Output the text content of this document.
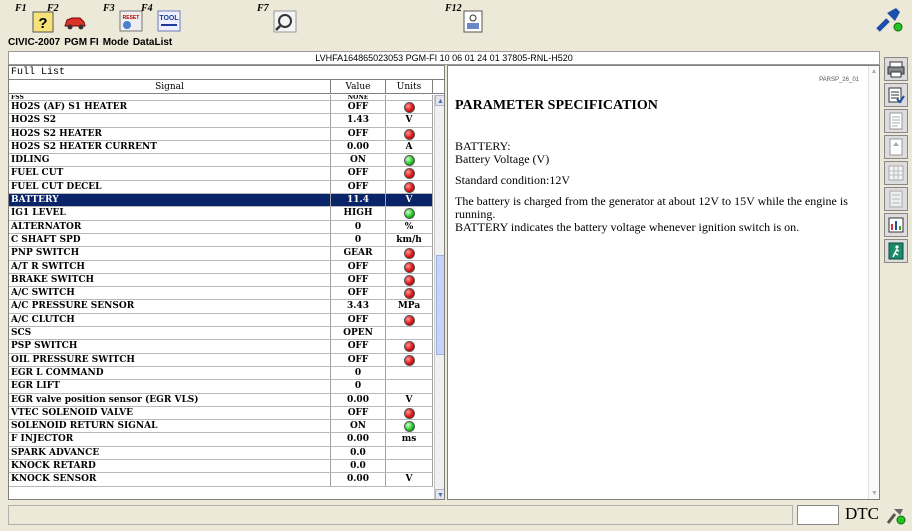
F1
?
F2	F3
RESET
F4
TOOL
F7	F12
CIVIC-2007 PGM FI Mode DataList
LVHFA164865023053 PGM-FI 10 06 01 24 01 37805-RNL-H520
Full List
Signal	Value	Units
FSS	NONE
HO2S (AF) S1 HEATER	OFF
HO2S S2	1.43	V
HO2S S2 HEATER	OFF
HO2S S2 HEATER CURRENT	0.00	A
IDLING	ON
FUEL CUT	OFF
FUEL CUT DECEL	OFF
BATTERY	11.4	V
IG1 LEVEL	HIGH
ALTERNATOR	0	%
C SHAFT SPD	0	km/h
PNP SWITCH	GEAR
A/T R SWITCH	OFF
BRAKE SWITCH	OFF
A/C SWITCH	OFF
A/C PRESSURE SENSOR	3.43	MPa
A/C CLUTCH	OFF
SCS	OPEN
PSP SWITCH	OFF
OIL PRESSURE SWITCH	OFF
EGR L COMMAND	0
EGR LIFT	0
EGR valve position sensor (EGR VLS)	0.00	V
VTEC SOLENOID VALVE	OFF
SOLENOID RETURN SIGNAL	ON
F INJECTOR	0.00	ms
SPARK ADVANCE	0.0
KNOCK RETARD	0.0
KNOCK SENSOR	0.00	V
▲
▼
PARSP_26_01
PARAMETER SPECIFICATION

BATTERY:
Battery Voltage (V)

Standard condition:12V

The battery is charged from the generator at about 12V to 15V while the engine is running.
BATTERY indicates the battery voltage whenever ignition switch is on.

▲
▼
DTC
